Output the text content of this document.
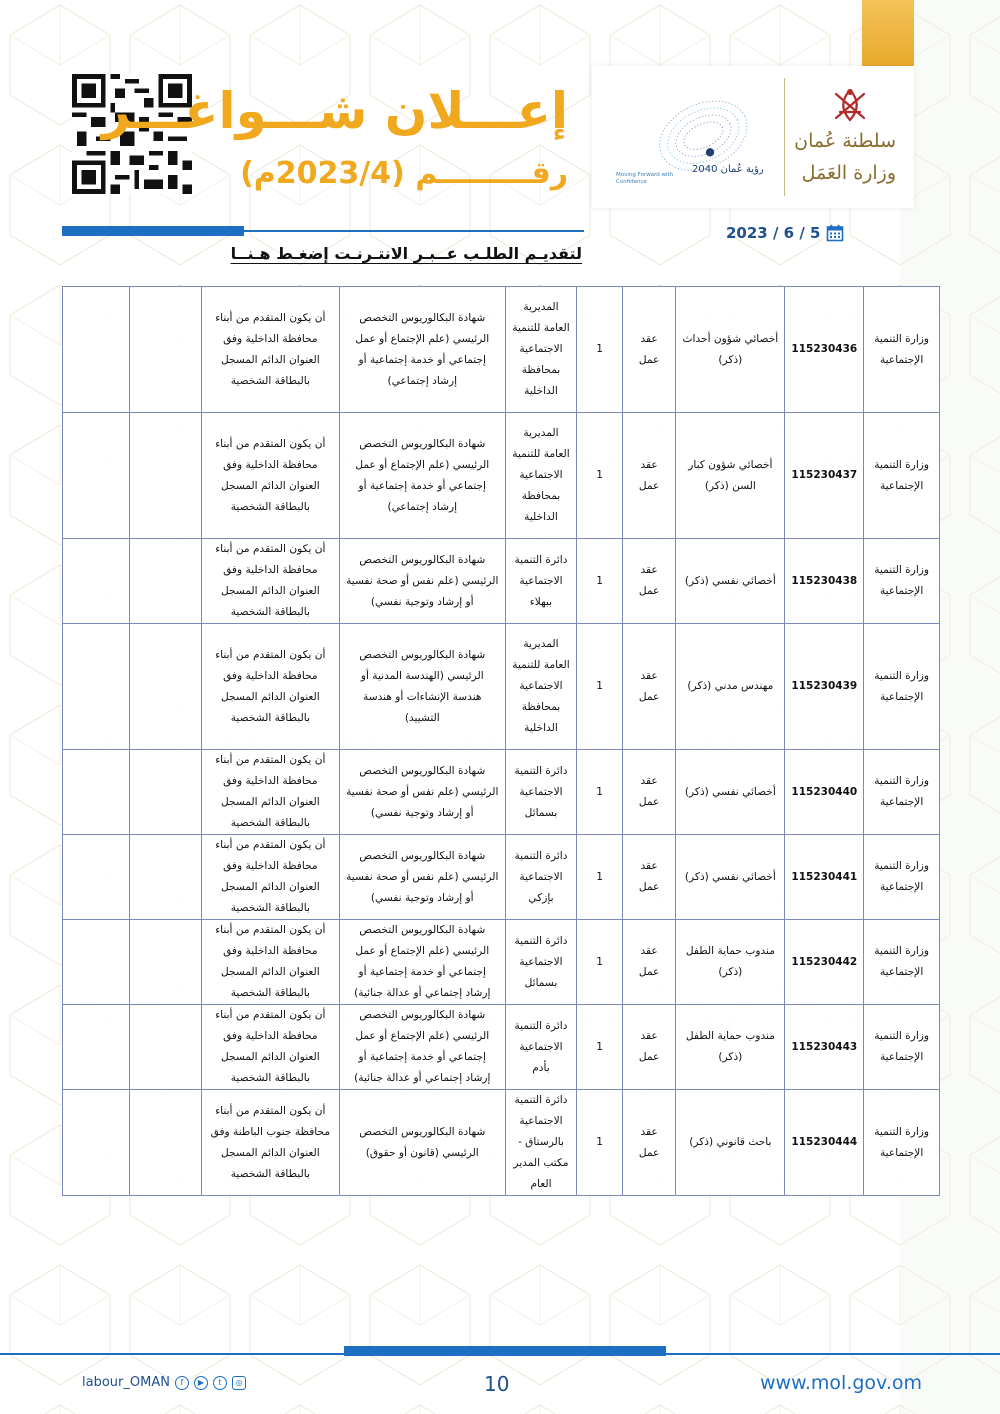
إعـــلان شـــواغـــر
رقـــــــــم (2023/4م)	رؤية عُمان 2040
Moving Forward with Confidence
سلطنة عُمان
وزارة العَمَل
2023 / 6 / 5
لتقديـم الطلـب عــبـر الانتـرنـت إضغـط هـنــا
وزارة التنمية الإجتماعية	115230436	أخصائي شؤون أحداث (ذكر)	عقد عمل	1	المديرية العامة للتنمية الاجتماعية بمحافظة الداخلية	شهادة البكالوريوس التخصص الرئيسي (علم الإجتماع أو عمل إجتماعي أو خدمة إجتماعية أو إرشاد إجتماعي)	أن يكون المتقدم من أبناء محافظة الداخلية وفق العنوان الدائم المسجل بالبطاقة الشخصية		
وزارة التنمية الإجتماعية	115230437	أخصائي شؤون كبار السن (ذكر)	عقد عمل	1	المديرية العامة للتنمية الاجتماعية بمحافظة الداخلية	شهادة البكالوريوس التخصص الرئيسي (علم الإجتماع أو عمل إجتماعي أو خدمة إجتماعية أو إرشاد إجتماعي)	أن يكون المتقدم من أبناء محافظة الداخلية وفق العنوان الدائم المسجل بالبطاقة الشخصية		
وزارة التنمية الإجتماعية	115230438	أخصائي نفسي (ذكر)	عقد عمل	1	دائرة التنمية الاجتماعية ببهلاء	شهادة البكالوريوس التخصص الرئيسي (علم نفس أو صحة نفسية أو إرشاد وتوجية نفسي)	أن يكون المتقدم من أبناء محافظة الداخلية وفق العنوان الدائم المسجل بالبطاقة الشخصية		
وزارة التنمية الإجتماعية	115230439	مهندس مدني (ذكر)	عقد عمل	1	المديرية العامة للتنمية الاجتماعية بمحافظة الداخلية	شهادة البكالوريوس التخصص الرئيسي (الهندسة المدنية أو هندسة الإنشاءات أو هندسة التشييد)	أن يكون المتقدم من أبناء محافظة الداخلية وفق العنوان الدائم المسجل بالبطاقة الشخصية		
وزارة التنمية الإجتماعية	115230440	أخصائي نفسي (ذكر)	عقد عمل	1	دائرة التنمية الاجتماعية بسمائل	شهادة البكالوريوس التخصص الرئيسي (علم نفس أو صحة نفسية أو إرشاد وتوجية نفسي)	أن يكون المتقدم من أبناء محافظة الداخلية وفق العنوان الدائم المسجل بالبطاقة الشخصية		
وزارة التنمية الإجتماعية	115230441	أخصائي نفسي (ذكر)	عقد عمل	1	دائرة التنمية الاجتماعية بإزكي	شهادة البكالوريوس التخصص الرئيسي (علم نفس أو صحة نفسية أو إرشاد وتوجية نفسي)	أن يكون المتقدم من أبناء محافظة الداخلية وفق العنوان الدائم المسجل بالبطاقة الشخصية		
وزارة التنمية الإجتماعية	115230442	مندوب حماية الطفل (ذكر)	عقد عمل	1	دائرة التنمية الاجتماعية بسمائل	شهادة البكالوريوس التخصص الرئيسي (علم الإجتماع أو عمل إجتماعي أو خدمة إجتماعية أو إرشاد إجتماعي أو عدالة جنائية)	أن يكون المتقدم من أبناء محافظة الداخلية وفق العنوان الدائم المسجل بالبطاقة الشخصية		
وزارة التنمية الإجتماعية	115230443	مندوب حماية الطفل (ذكر)	عقد عمل	1	دائرة التنمية الاجتماعية بأدم	شهادة البكالوريوس التخصص الرئيسي (علم الإجتماع أو عمل إجتماعي أو خدمة إجتماعية أو إرشاد إجتماعي أو عدالة جنائية)	أن يكون المتقدم من أبناء محافظة الداخلية وفق العنوان الدائم المسجل بالبطاقة الشخصية		
وزارة التنمية الإجتماعية	115230444	باحث قانوني (ذكر)	عقد عمل	1	دائرة التنمية الاجتماعية بالرستاق - مكتب المدير العام	شهادة البكالوريوس التخصص الرئيسي (قانون أو حقوق)	أن يكون المتقدم من أبناء محافظة جنوب الباطنة وفق العنوان الدائم المسجل بالبطاقة الشخصية		
labour_OMAN	f	▶	t	◎	10	www.mol.gov.om
